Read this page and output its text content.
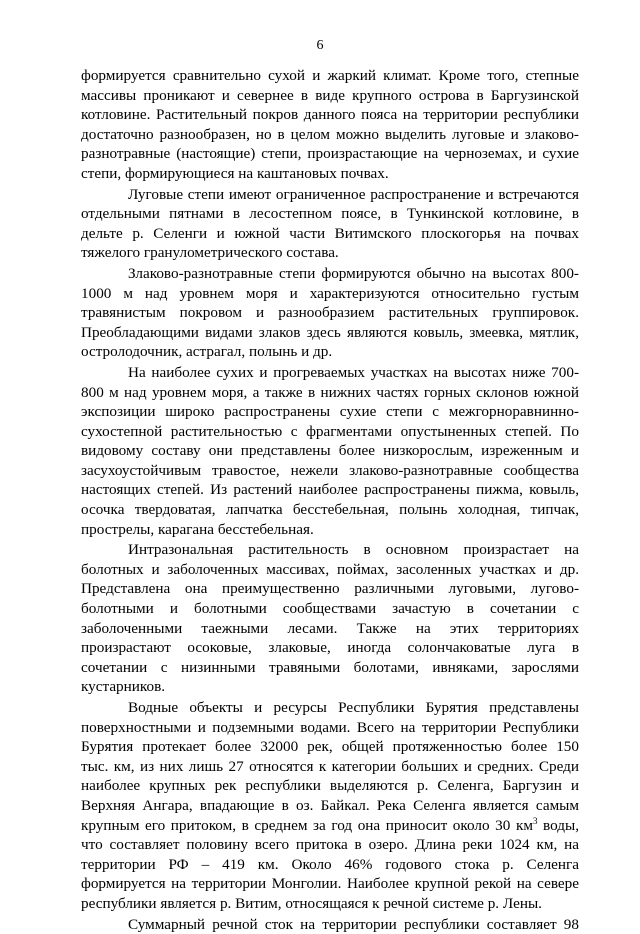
6

формируется сравнительно сухой и жаркий климат. Кроме того, степные
массивы проникают и севернее в виде крупного острова в Баргузинской
котловине. Растительный покров данного пояса на территории республики
достаточно разнообразен, но в целом можно выделить луговые и злаково-
разнотравные (настоящие) степи, произрастающие на черноземах, и сухие
степи, формирующиеся на каштановых почвах.

Луговые степи имеют ограниченное распространение и встречаются
отдельными пятнами в лесостепном поясе, в Тункинской котловине, в
дельте р. Селенги и южной части Витимского плоскогорья на почвах
тяжелого гранулометрического состава.

Злаково-разнотравные степи формируются обычно на высотах 800-
1000 м над уровнем моря и характеризуются относительно густым
травянистым покровом и разнообразием растительных группировок.
Преобладающими видами злаков здесь являются ковыль, змеевка, мятлик,
остролодочник, астрагал, полынь и др.

На наиболее сухих и прогреваемых участках на высотах ниже 700-
800 м над уровнем моря, а также в нижних частях горных склонов южной
экспозиции широко распространены сухие степи с межгорноравнинно-
сухостепной растительностью с фрагментами опустыненных степей. По
видовому составу они представлены более низкорослым, изреженным и
засухоустойчивым травостое, нежели злаково-разнотравные сообщества
настоящих степей. Из растений наиболее распространены пижма, ковыль,
осочка твердоватая, лапчатка бесстебельная, полынь холодная, типчак,
прострелы, карагана бесстебельная.

Интразональная растительность в основном произрастает на
болотных и заболоченных массивах, поймах, засоленных участках и др.
Представлена она преимущественно различными луговыми, лугово-
болотными и болотными сообществами зачастую в сочетании с
заболоченными таежными лесами. Также на этих территориях
произрастают осоковые, злаковые, иногда солончаковатые луга в
сочетании с низинными травяными болотами, ивняками, зарослями
кустарников.

Водные объекты и ресурсы Республики Бурятия представлены
поверхностными и подземными водами. Всего на территории Республики
Бурятия протекает более 32000 рек, общей протяженностью более 150
тыс. км, из них лишь 27 относятся к категории больших и средних. Среди
наиболее крупных рек республики выделяются р. Селенга, Баргузин и
Верхняя Ангара, впадающие в оз. Байкал. Река Селенга является самым
крупным его притоком, в среднем за год она приносит около 30 $км^3$ воды,
что составляет половину всего притока в озеро. Длина реки 1024 км, на
территории РФ – 419 км. Около 46% годового стока р. Селенга
формируется на территории Монголии. Наиболее крупной рекой на севере
республики является р. Витим, относящаяся к речной системе р. Лены.

Суммарный речной сток на территории республики составляет 98
